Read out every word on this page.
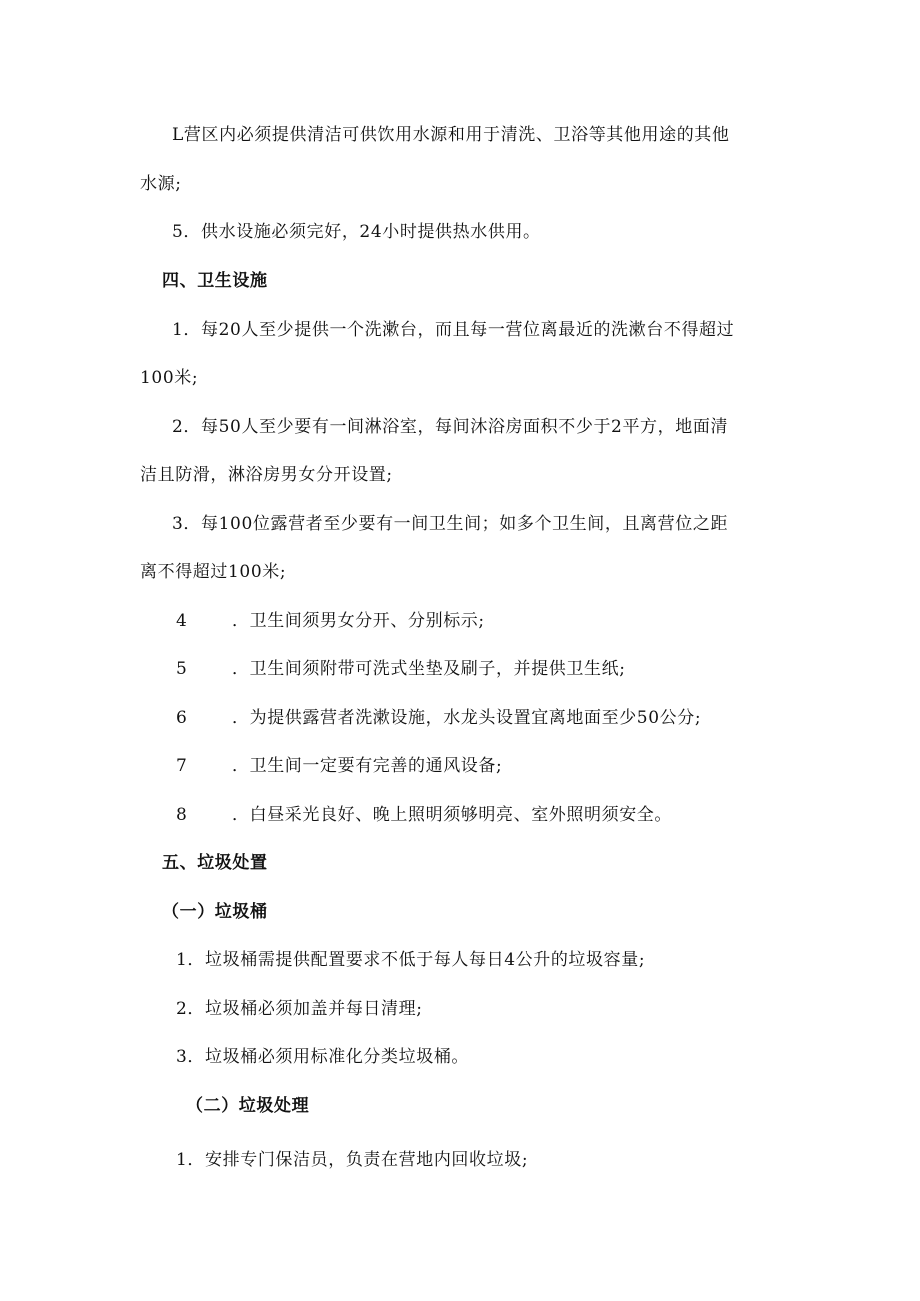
L营区内必须提供清洁可供饮用水源和用于清洗、卫浴等其他用途的其他
水源;
5．供水设施必须完好，24小时提供热水供用。
四、卫生设施
1．每20人至少提供一个洗漱台，而且每一营位离最近的洗漱台不得超过
100米;
2．每50人至少要有一间淋浴室，每间沐浴房面积不少于2平方，地面清
洁且防滑，淋浴房男女分开设置;
3．每100位露营者至少要有一间卫生间；如多个卫生间，且离营位之距
离不得超过100米;
4	．卫生间须男女分开、分别标示;
5	．卫生间须附带可洗式坐垫及刷子，并提供卫生纸;
6	．为提供露营者洗漱设施，水龙头设置宜离地面至少50公分;
7	．卫生间一定要有完善的通风设备;
8	．白昼采光良好、晚上照明须够明亮、室外照明须安全。
五、垃圾处置
（一）垃圾桶
1．垃圾桶需提供配置要求不低于每人每日4公升的垃圾容量;
2．垃圾桶必须加盖并每日清理;
3．垃圾桶必须用标准化分类垃圾桶。
（二）垃圾处理
1．安排专门保洁员，负责在营地内回收垃圾;
